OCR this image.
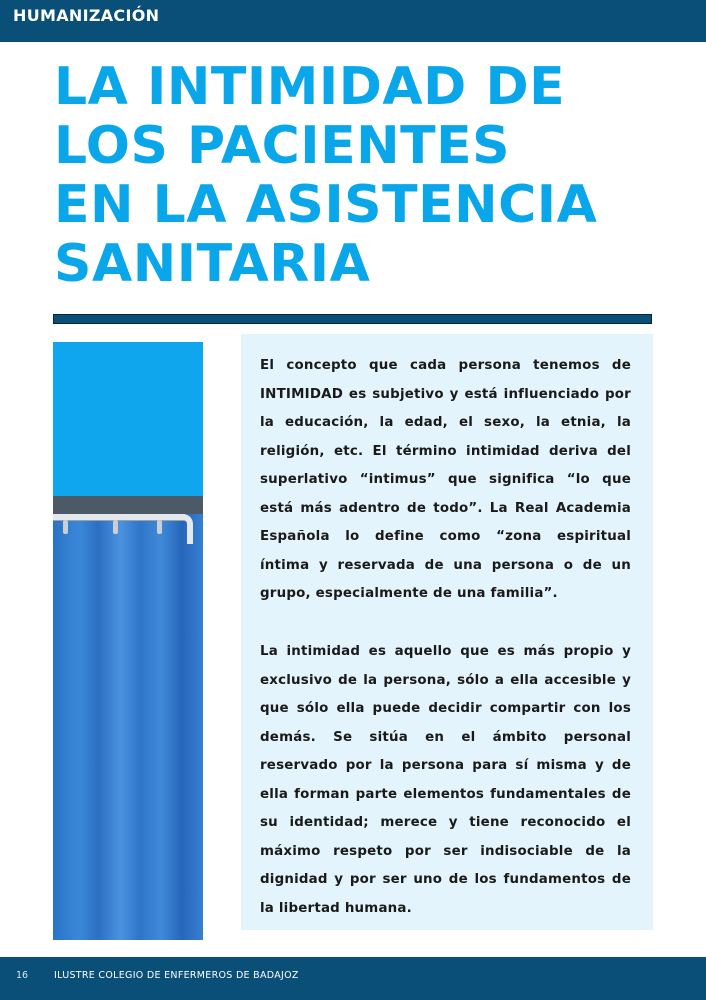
HUMANIZACIÓN
LA INTIMIDAD DE
LOS PACIENTES
EN LA ASISTENCIA
SANITARIA

El concepto que cada persona tenemos de INTIMIDAD es subjetivo y está influenciado por la educación, la edad, el sexo, la etnia, la religión, etc. El término intimidad deriva del superlativo “intimus” que significa “lo que está más adentro de todo”. La Real Academia Española lo define como “zona espiritual íntima y reservada de una persona o de un grupo, especialmente de una familia”.

La intimidad es aquello que es más propio y exclusivo de la persona, sólo a ella accesible y que sólo ella puede decidir compartir con los demás. Se sitúa en el ámbito personal reservado por la persona para sí misma y de ella forman parte elementos fundamentales de su identidad; merece y tiene reconocido el máximo respeto por ser indisociable de la dignidad y por ser uno de los fundamentos de la libertad humana.

16	ILUSTRE COLEGIO DE ENFERMEROS DE BADAJOZ
